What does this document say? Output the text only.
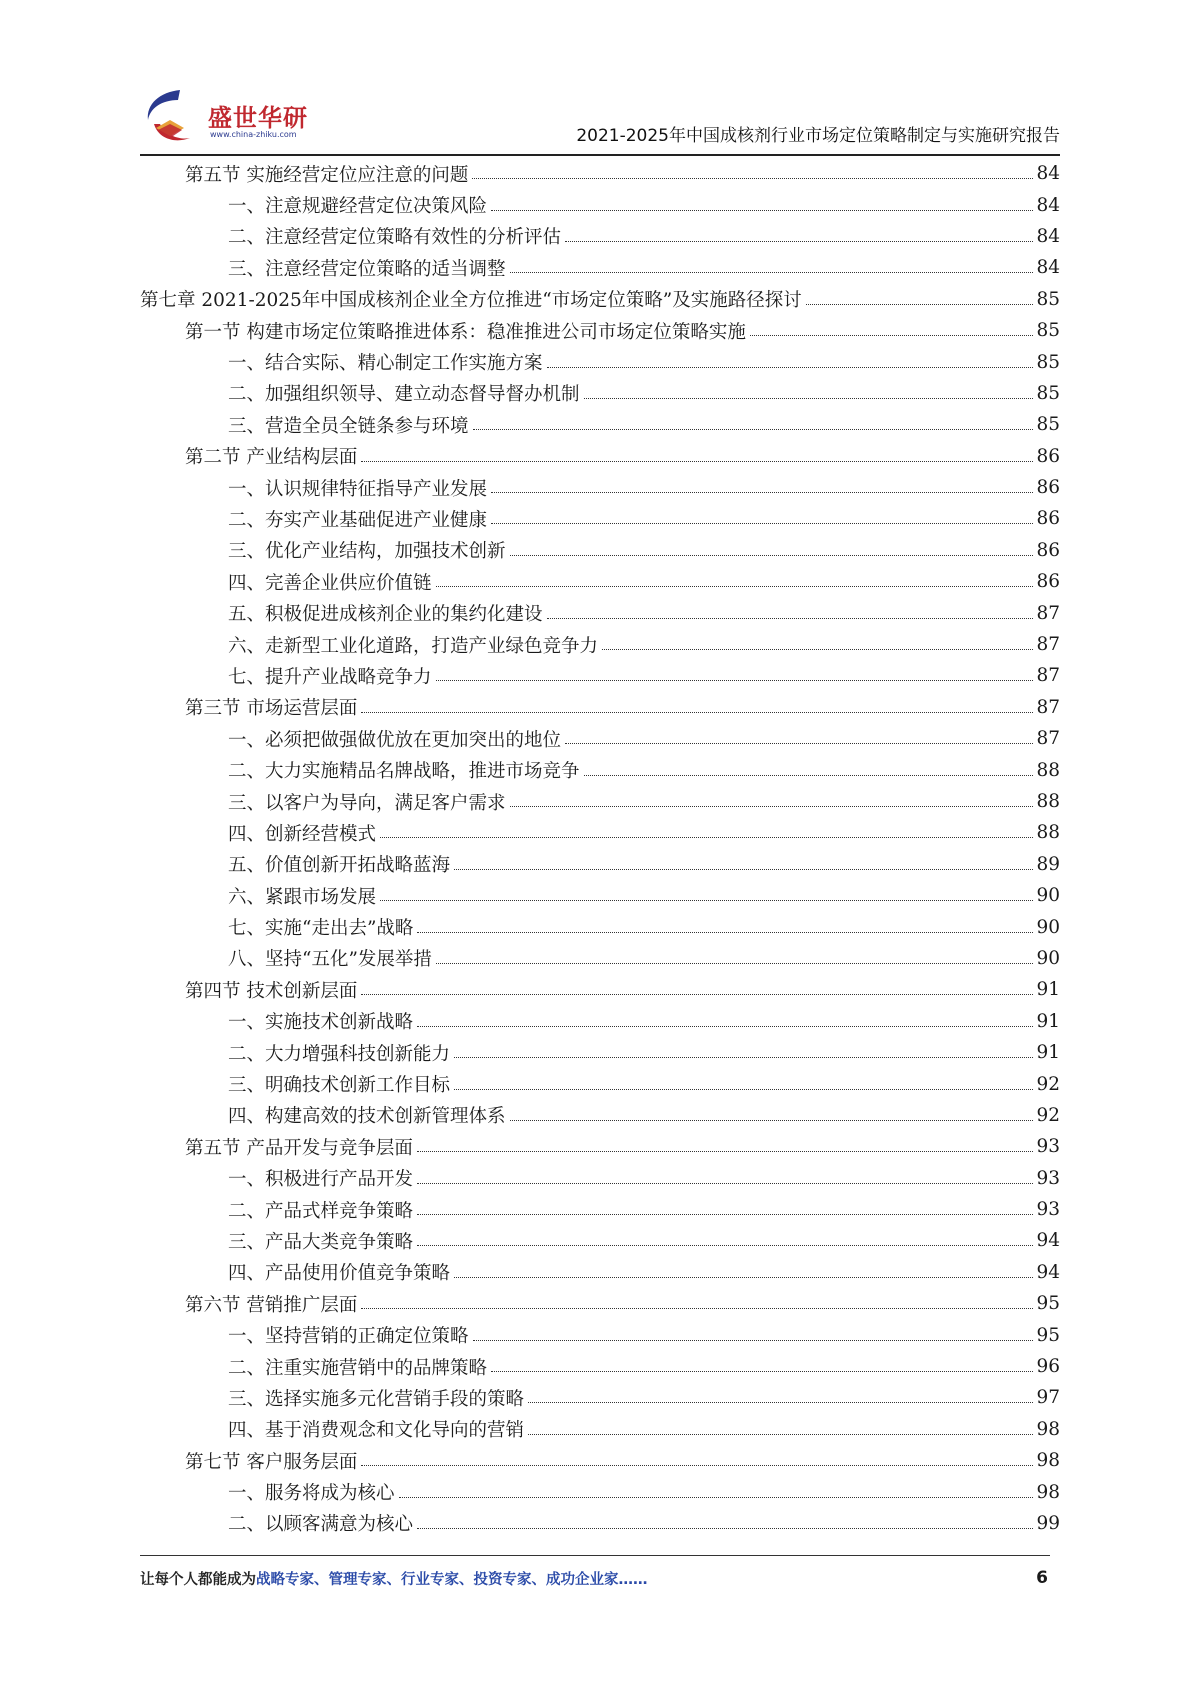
盛世华研
www.china-zhiku.com	2021-2025年中国成核剂行业市场定位策略制定与实施研究报告
第五节 实施经营定位应注意的问题	84
一、注意规避经营定位决策风险	84
二、注意经营定位策略有效性的分析评估	84
三、注意经营定位策略的适当调整	84
第七章 2021-2025年中国成核剂企业全方位推进“市场定位策略”及实施路径探讨	85
第一节 构建市场定位策略推进体系：稳准推进公司市场定位策略实施	85
一、结合实际、精心制定工作实施方案	85
二、加强组织领导、建立动态督导督办机制	85
三、营造全员全链条参与环境	85
第二节 产业结构层面	86
一、认识规律特征指导产业发展	86
二、夯实产业基础促进产业健康	86
三、优化产业结构，加强技术创新	86
四、完善企业供应价值链	86
五、积极促进成核剂企业的集约化建设	87
六、走新型工业化道路，打造产业绿色竞争力	87
七、提升产业战略竞争力	87
第三节 市场运营层面	87
一、必须把做强做优放在更加突出的地位	87
二、大力实施精品名牌战略，推进市场竞争	88
三、以客户为导向，满足客户需求	88
四、创新经营模式	88
五、价值创新开拓战略蓝海	89
六、紧跟市场发展	90
七、实施“走出去”战略	90
八、坚持“五化”发展举措	90
第四节 技术创新层面	91
一、实施技术创新战略	91
二、大力增强科技创新能力	91
三、明确技术创新工作目标	92
四、构建高效的技术创新管理体系	92
第五节 产品开发与竞争层面	93
一、积极进行产品开发	93
二、产品式样竞争策略	93
三、产品大类竞争策略	94
四、产品使用价值竞争策略	94
第六节 营销推广层面	95
一、坚持营销的正确定位策略	95
二、注重实施营销中的品牌策略	96
三、选择实施多元化营销手段的策略	97
四、基于消费观念和文化导向的营销	98
第七节 客户服务层面	98
一、服务将成为核心	98
二、以顾客满意为核心	99
让每个人都能成为战略专家、管理专家、行业专家、投资专家、成功企业家……	6
